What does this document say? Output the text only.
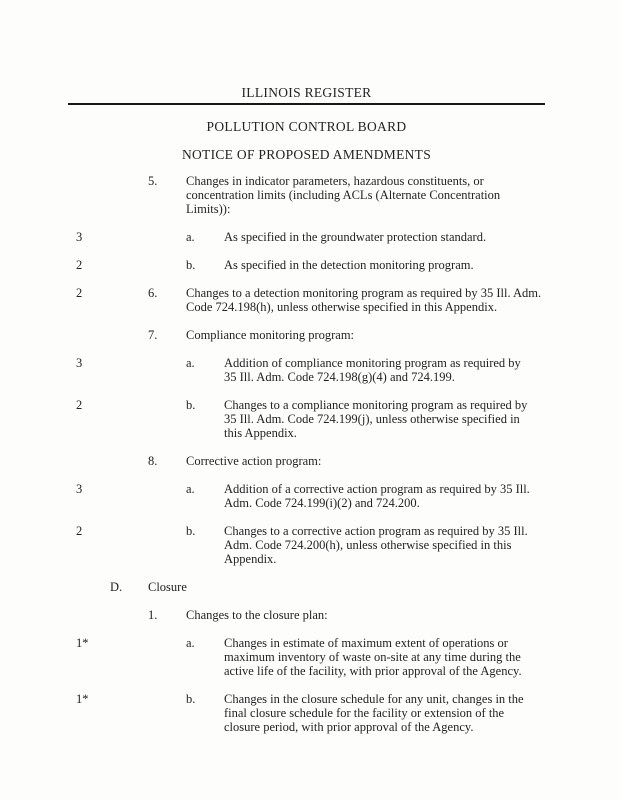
ILLINOIS REGISTER
POLLUTION CONTROL BOARD
NOTICE OF PROPOSED AMENDMENTS
5. Changes in indicator parameters, hazardous constituents, or concentration limits (including ACLs (Alternate Concentration Limits)):
3	a. As specified in the groundwater protection standard.
2	b. As specified in the detection monitoring program.
2	6. Changes to a detection monitoring program as required by 35 Ill. Adm. Code 724.198(h), unless otherwise specified in this Appendix.
7. Compliance monitoring program:
3	a. Addition of compliance monitoring program as required by 35 Ill. Adm. Code 724.198(g)(4) and 724.199.
2	b. Changes to a compliance monitoring program as required by 35 Ill. Adm. Code 724.199(j), unless otherwise specified in this Appendix.
8. Corrective action program:
3	a. Addition of a corrective action program as required by 35 Ill. Adm. Code 724.199(i)(2) and 724.200.
2	b. Changes to a corrective action program as required by 35 Ill. Adm. Code 724.200(h), unless otherwise specified in this Appendix.
D. Closure
1. Changes to the closure plan:
1*	a. Changes in estimate of maximum extent of operations or maximum inventory of waste on-site at any time during the active life of the facility, with prior approval of the Agency.
1*	b. Changes in the closure schedule for any unit, changes in the final closure schedule for the facility or extension of the closure period, with prior approval of the Agency.
